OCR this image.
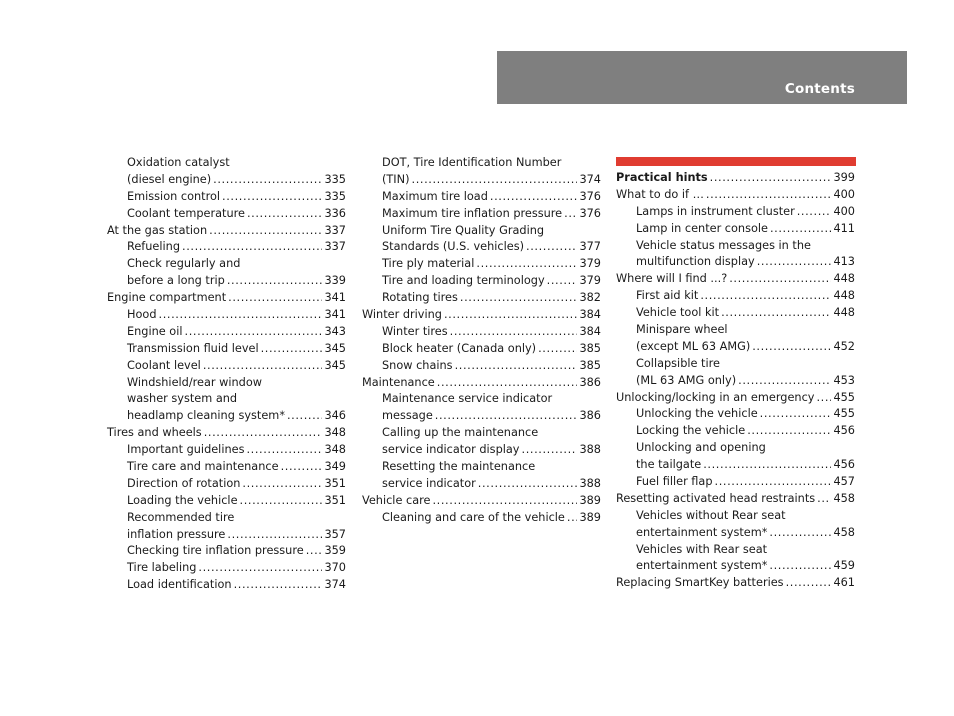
Contents
Oxidation catalyst
(diesel engine) .....	335
Emission control .....	335
Coolant temperature .....	336
At the gas station .....	337
Refueling .....	337
Check regularly and
before a long trip .....	339
Engine compartment .....	341
Hood .....	341
Engine oil .....	343
Transmission fluid level .....	345
Coolant level .....	345
Windshield/rear window
washer system and
headlamp cleaning system* .....	346
Tires and wheels .....	348
Important guidelines .....	348
Tire care and maintenance .....	349
Direction of rotation .....	351
Loading the vehicle .....	351
Recommended tire
inflation pressure .....	357
Checking tire inflation pressure ..... 359
Tire labeling .....	370
Load identification .....	374
DOT, Tire Identification Number
(TIN) .....	374
Maximum tire load .....	376
Maximum tire inflation pressure ..... 376
Uniform Tire Quality Grading
Standards (U.S. vehicles) .....	377
Tire ply material .....	379
Tire and loading terminology .....	379
Rotating tires .....	382
Winter driving .....	384
Winter tires .....	384
Block heater (Canada only) .....	385
Snow chains .....	385
Maintenance .....	386
Maintenance service indicator
message .....	386
Calling up the maintenance
service indicator display .....	388
Resetting the maintenance
service indicator .....	388
Vehicle care .....	389
Cleaning and care of the vehicle ..... 389
Practical hints .....	399
What to do if … .....	400
Lamps in instrument cluster .....	400
Lamp in center console .....	411
Vehicle status messages in the
multifunction display .....	413
Where will I find ...? .....	448
First aid kit .....	448
Vehicle tool kit .....	448
Minispare wheel
(except ML 63 AMG) .....	452
Collapsible tire
(ML 63 AMG only) .....	453
Unlocking/locking in an emergency ..... 455
Unlocking the vehicle .....	455
Locking the vehicle .....	456
Unlocking and opening
the tailgate .....	456
Fuel filler flap .....	457
Resetting activated head restraints ..... 458
Vehicles without Rear seat
entertainment system* .....	458
Vehicles with Rear seat
entertainment system* .....	459
Replacing SmartKey batteries .....	461
